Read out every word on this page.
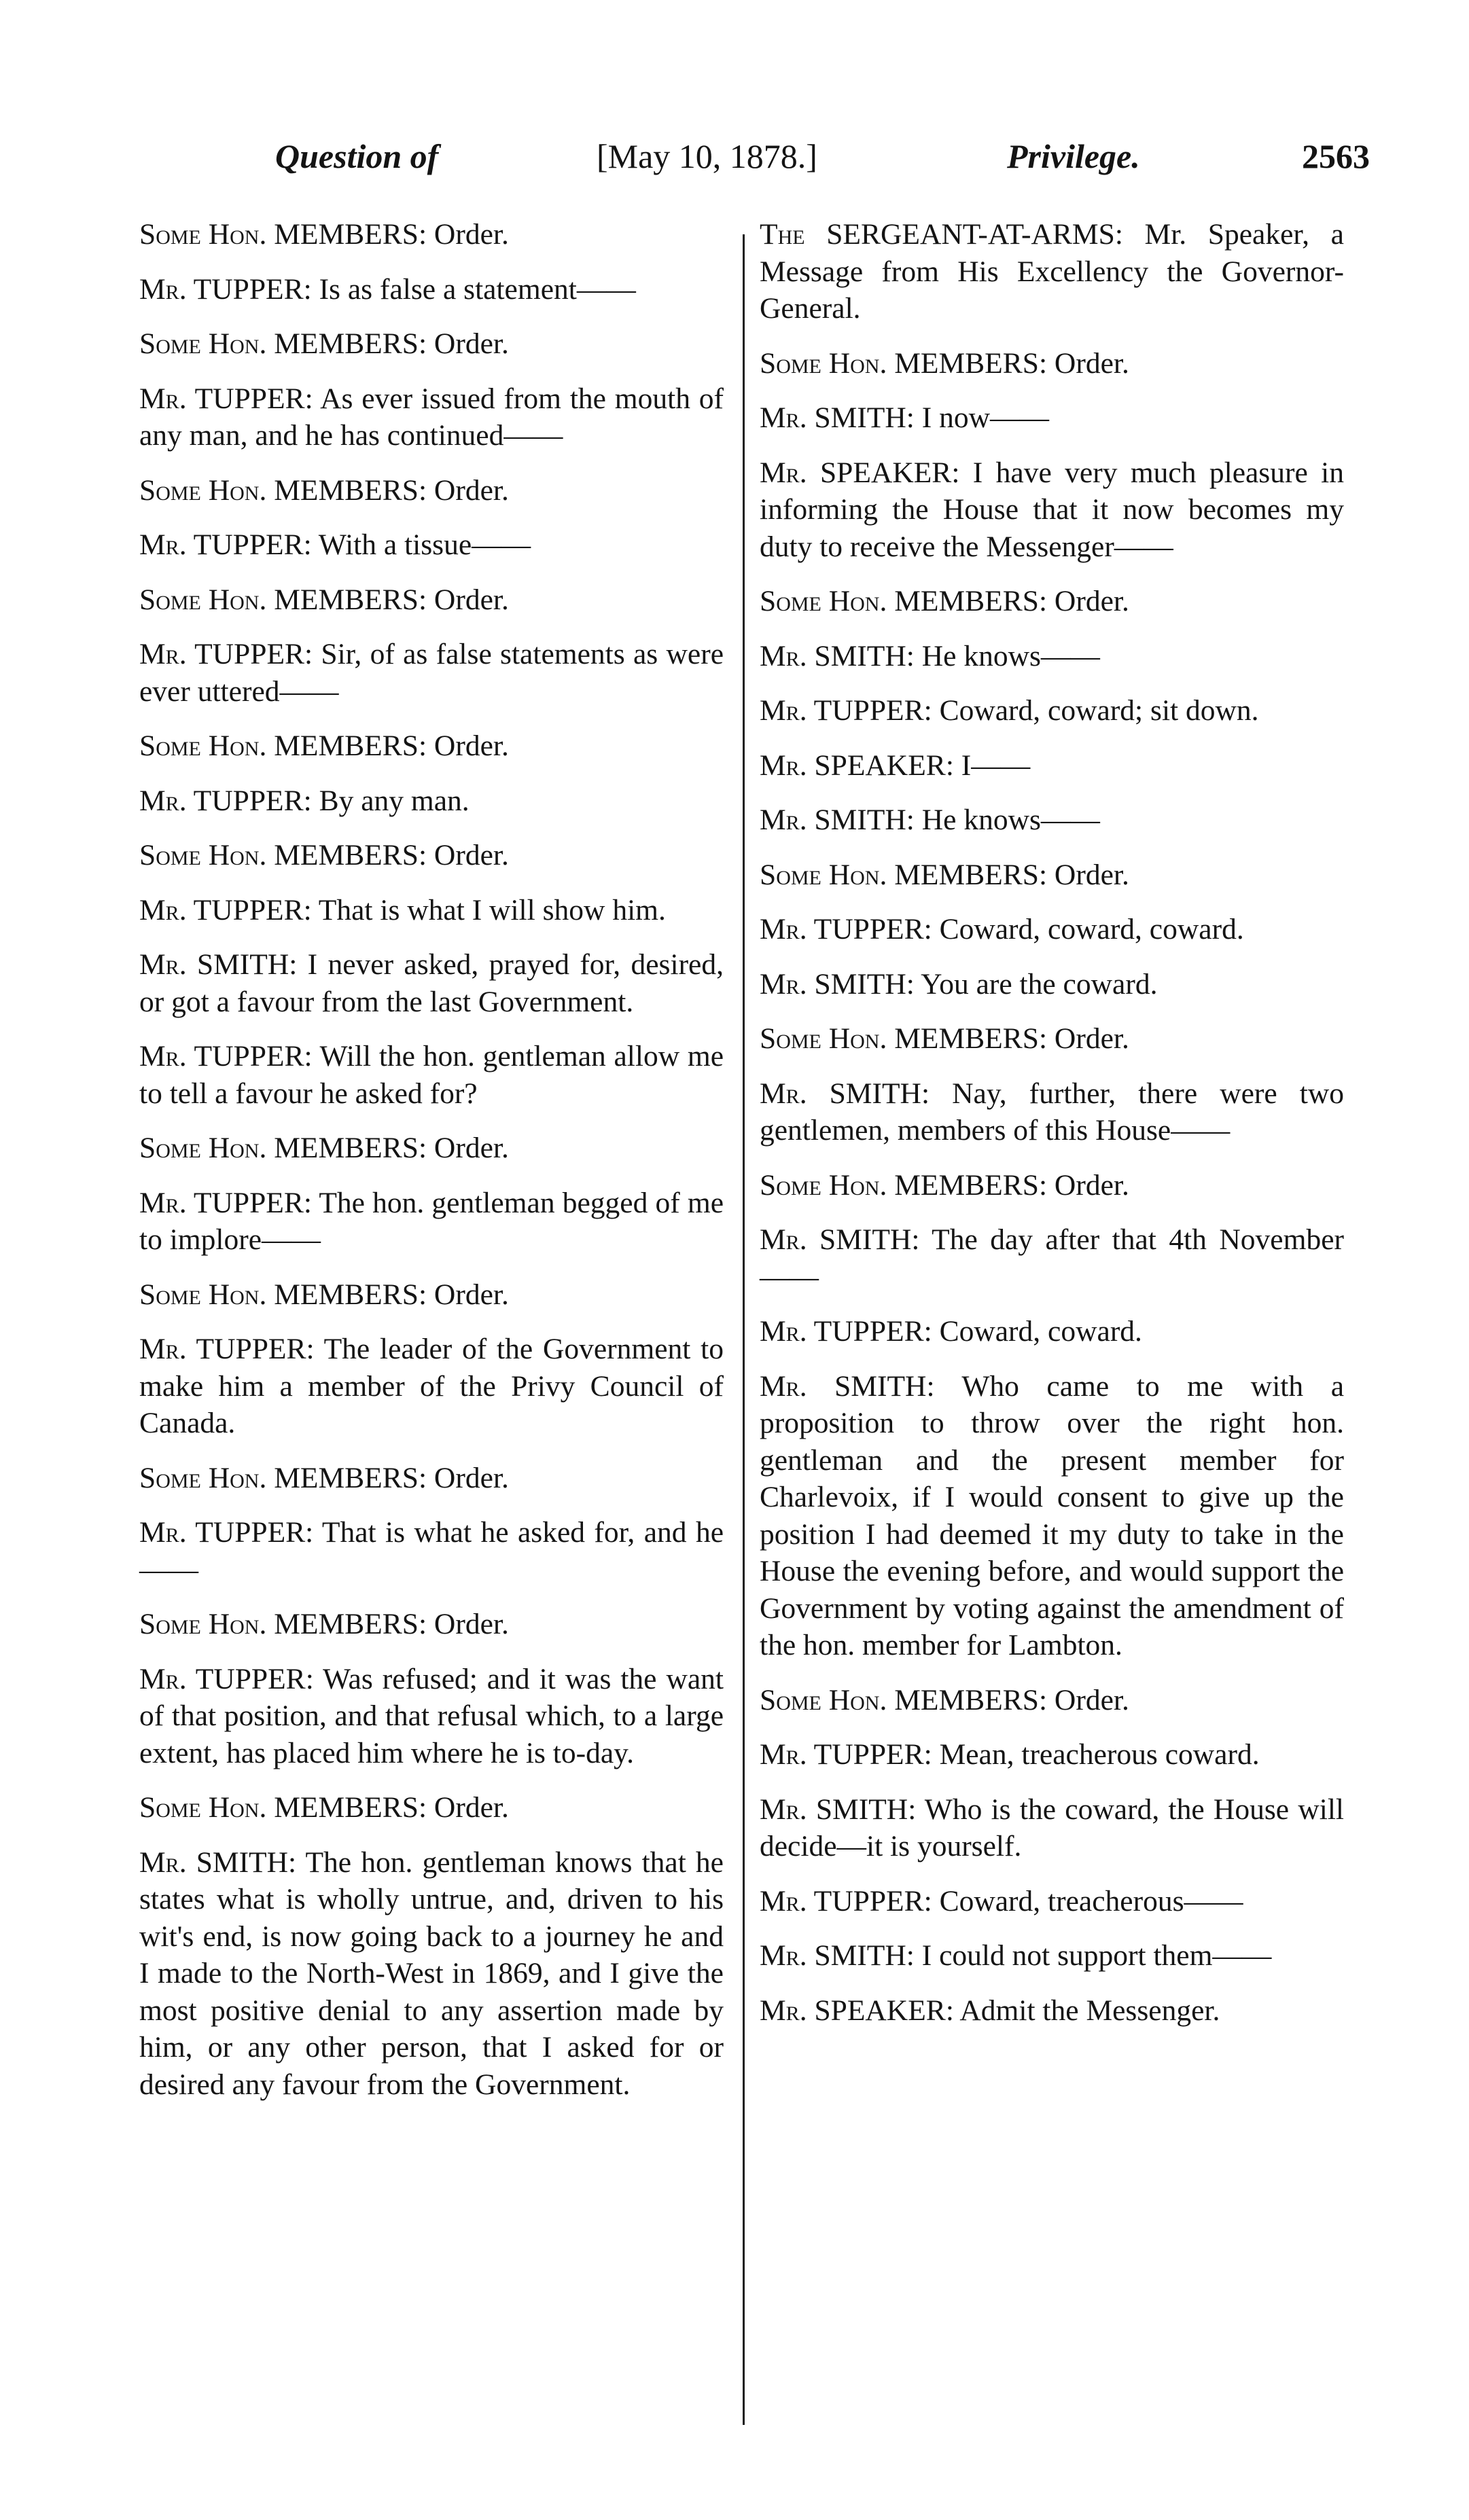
Question of	[May 10, 1878.]	Privilege.	2563

Some Hon. MEMBERS: Order.

Mr. TUPPER: Is as false a statement——

Some Hon. MEMBERS: Order.

Mr. TUPPER: As ever issued from the mouth of any man, and he has continued——

Some Hon. MEMBERS: Order.

Mr. TUPPER: With a tissue——

Some Hon. MEMBERS: Order.

Mr. TUPPER: Sir, of as false statements as were ever uttered——

Some Hon. MEMBERS: Order.

Mr. TUPPER: By any man.

Some Hon. MEMBERS: Order.

Mr. TUPPER: That is what I will show him.

Mr. SMITH: I never asked, prayed for, desired, or got a favour from the last Government.

Mr. TUPPER: Will the hon. gentleman allow me to tell a favour he asked for?

Some Hon. MEMBERS: Order.

Mr. TUPPER: The hon. gentleman begged of me to implore——

Some Hon. MEMBERS: Order.

Mr. TUPPER: The leader of the Government to make him a member of the Privy Council of Canada.

Some Hon. MEMBERS: Order.

Mr. TUPPER: That is what he asked for, and he——

Some Hon. MEMBERS: Order.

Mr. TUPPER: Was refused; and it was the want of that position, and that refusal which, to a large extent, has placed him where he is to-day.

Some Hon. MEMBERS: Order.

Mr. SMITH: The hon. gentleman knows that he states what is wholly untrue, and, driven to his wit's end, is now going back to a journey he and I made to the North-West in 1869, and I give the most positive denial to any assertion made by him, or any other person, that I asked for or desired any favour from the Government.

The SERGEANT-AT-ARMS: Mr. Speaker, a Message from His Excellency the Governor-General.

Some Hon. MEMBERS: Order.

Mr. SMITH: I now——

Mr. SPEAKER: I have very much pleasure in informing the House that it now becomes my duty to receive the Messenger——

Some Hon. MEMBERS: Order.

Mr. SMITH: He knows——

Mr. TUPPER: Coward, coward; sit down.

Mr. SPEAKER: I——

Mr. SMITH: He knows——

Some Hon. MEMBERS: Order.

Mr. TUPPER: Coward, coward, coward.

Mr. SMITH: You are the coward.

Some Hon. MEMBERS: Order.

Mr. SMITH: Nay, further, there were two gentlemen, members of this House——

Some Hon. MEMBERS: Order.

Mr. SMITH: The day after that 4th November——

Mr. TUPPER: Coward, coward.

Mr. SMITH: Who came to me with a proposition to throw over the right hon. gentleman and the present member for Charlevoix, if I would consent to give up the position I had deemed it my duty to take in the House the evening before, and would support the Government by voting against the amendment of the hon. member for Lambton.

Some Hon. MEMBERS: Order.

Mr. TUPPER: Mean, treacherous coward.

Mr. SMITH: Who is the coward, the House will decide—it is yourself.

Mr. TUPPER: Coward, treacherous——

Mr. SMITH: I could not support them——

Mr. SPEAKER: Admit the Messenger.
